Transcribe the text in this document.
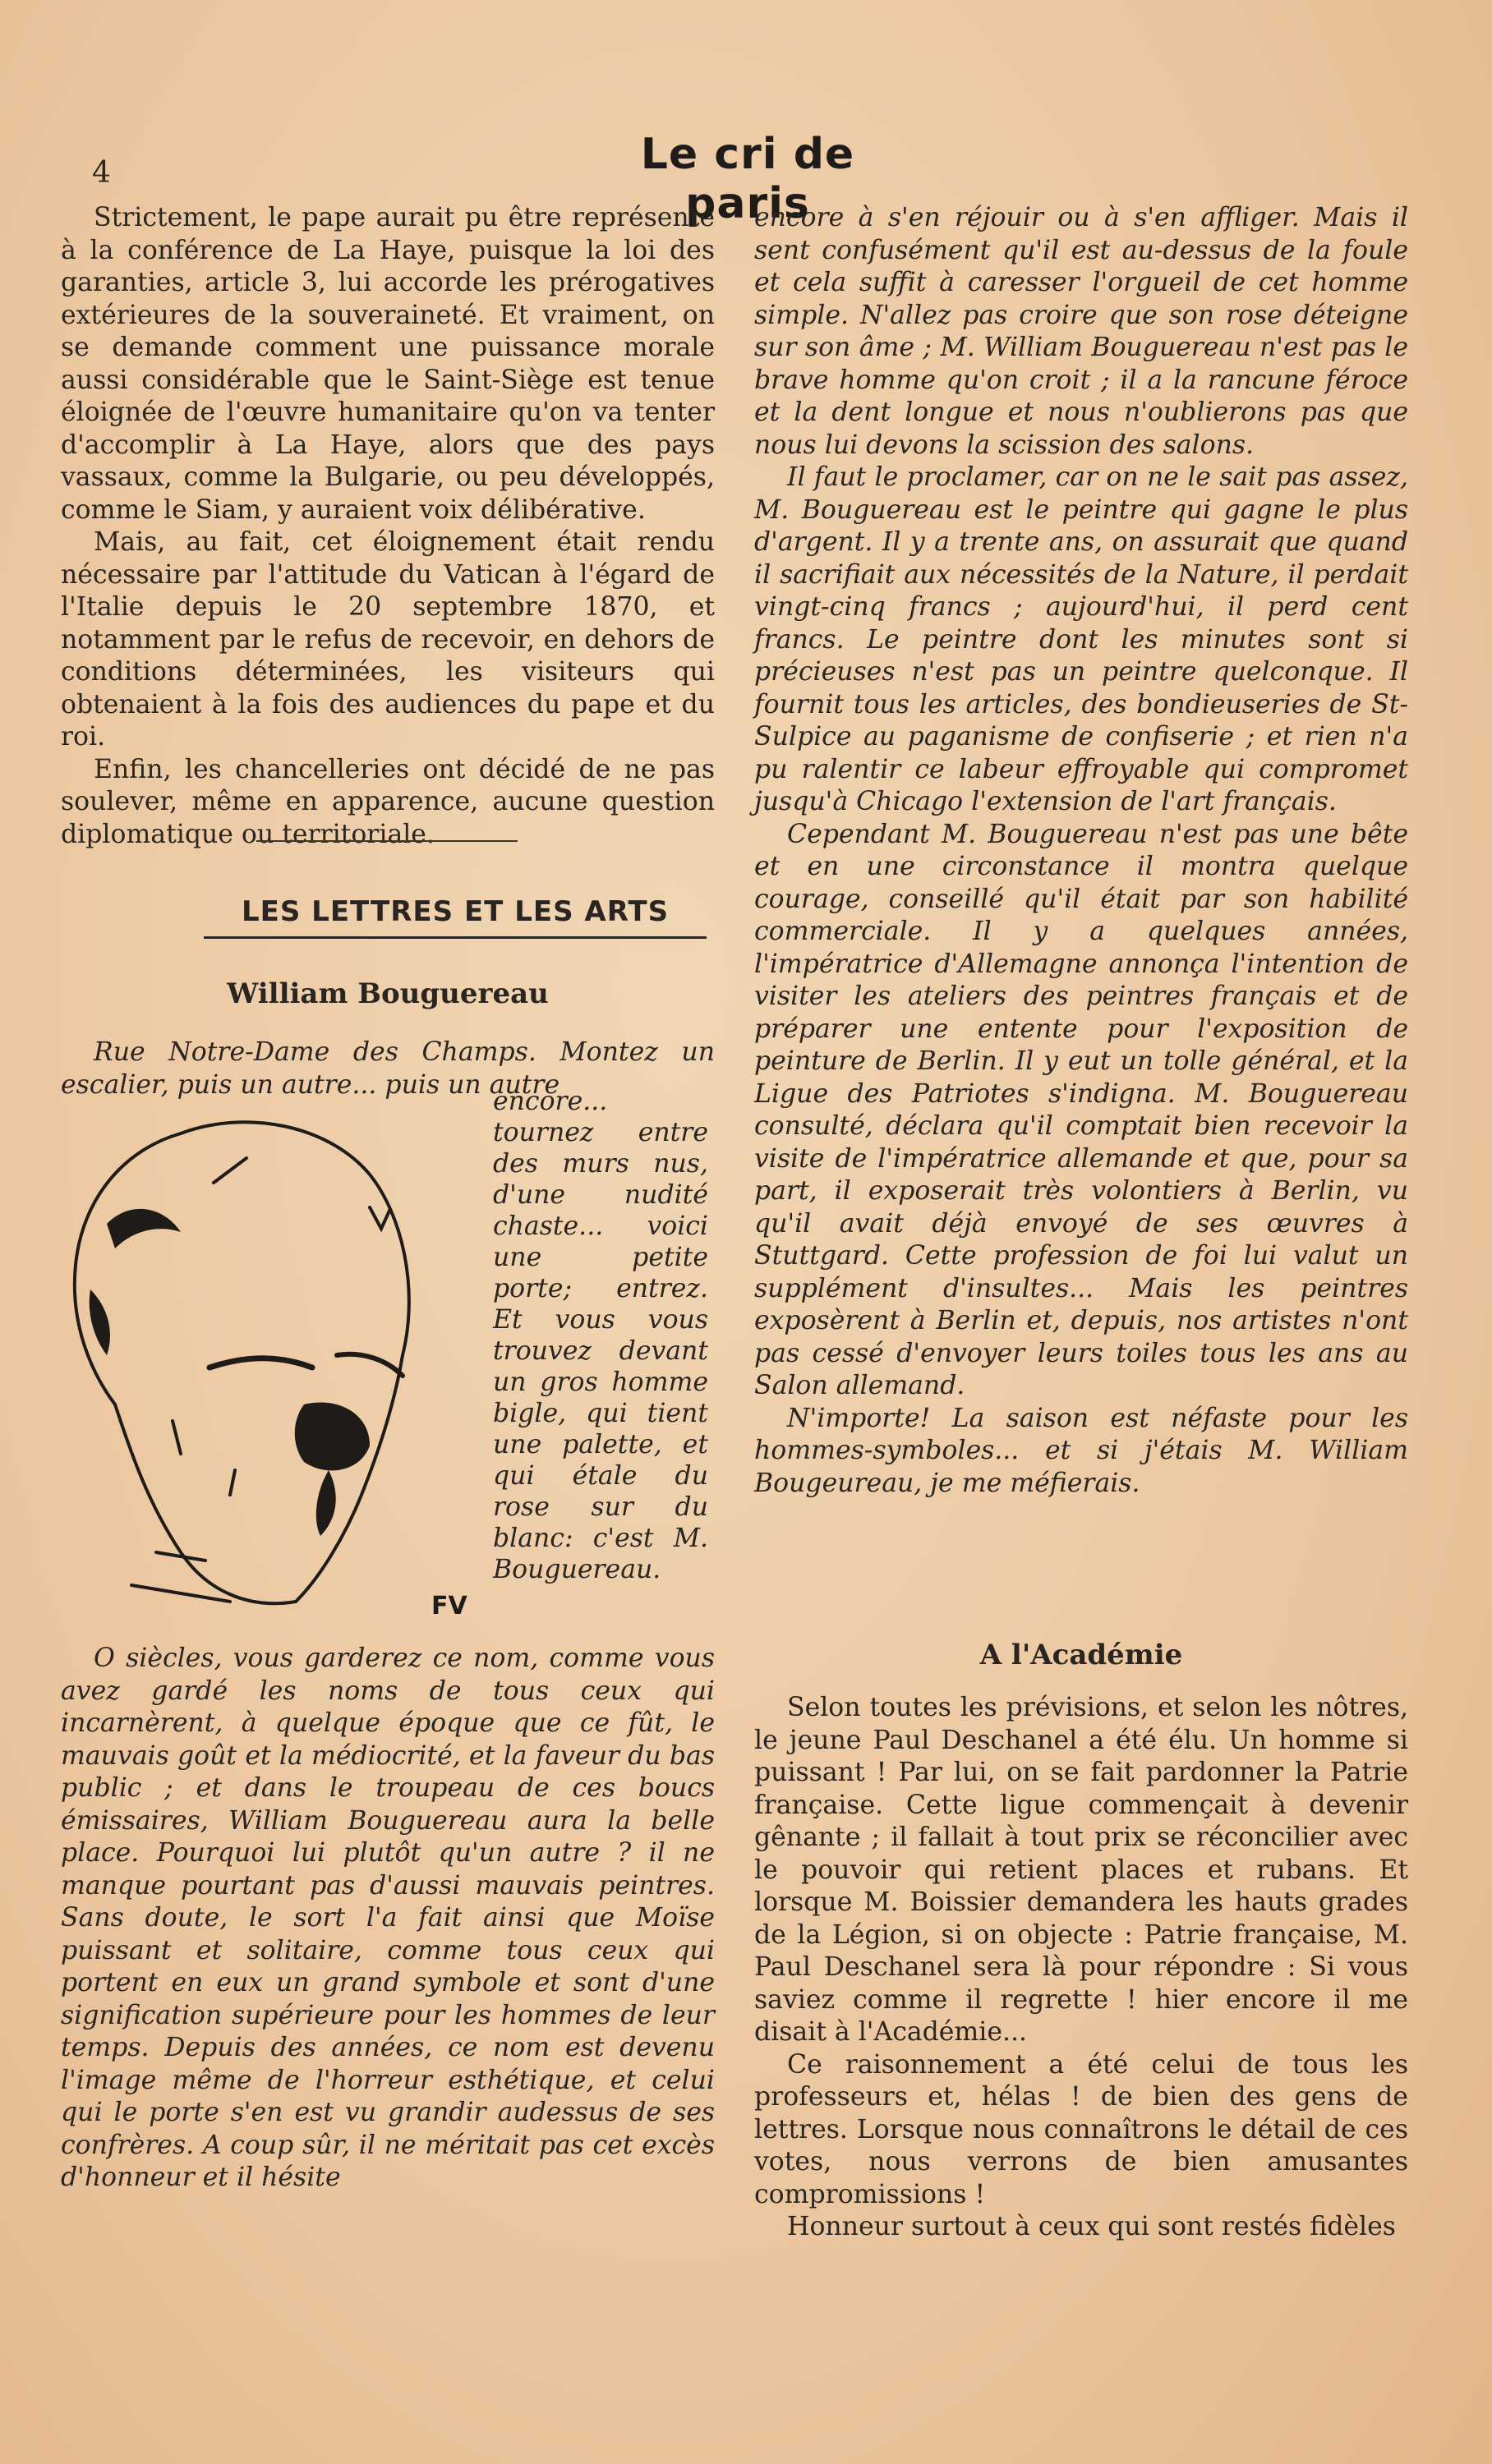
4	Le cri de paris

Strictement, le pape aurait pu être représenté à la conférence de La Haye, puisque la loi des garanties, article 3, lui accorde les prérogatives extérieures de la souveraineté. Et vraiment, on se demande comment une puissance morale aussi considérable que le Saint-Siège est tenue éloignée de l'œuvre humanitaire qu'on va tenter d'accomplir à La Haye, alors que des pays vassaux, comme la Bulgarie, ou peu développés, comme le Siam, y auraient voix délibérative.

Mais, au fait, cet éloignement était rendu nécessaire par l'attitude du Vatican à l'égard de l'Italie depuis le 20 septembre 1870, et notamment par le refus de recevoir, en dehors de conditions déterminées, les visiteurs qui obtenaient à la fois des audiences du pape et du roi.

Enfin, les chancelleries ont décidé de ne pas soulever, même en apparence, aucune question diplomatique ou territoriale.

LES LETTRES ET LES ARTS
William Bouguereau

Rue Notre-Dame des Champs. Montez un escalier, puis un autre... puis un autre

FV

encore... tournez entre des murs nus, d'une nudité chaste... voici une petite porte; entrez. Et vous vous trouvez devant un gros homme bigle, qui tient une palette, et qui étale du rose sur du blanc: c'est M. Bouguereau.

O siècles, vous garderez ce nom, comme vous avez gardé les noms de tous ceux qui incarnèrent, à quelque époque que ce fût, le mauvais goût et la médiocrité, et la faveur du bas public ; et dans le troupeau de ces boucs émissaires, William Bouguereau aura la belle place. Pourquoi lui plutôt qu'un autre ? il ne manque pourtant pas d'aussi mauvais peintres. Sans doute, le sort l'a fait ainsi que Moïse puissant et solitaire, comme tous ceux qui portent en eux un grand symbole et sont d'une signification supérieure pour les hommes de leur temps. Depuis des années, ce nom est devenu l'image même de l'horreur esthétique, et celui qui le porte s'en est vu grandir audessus de ses confrères. A coup sûr, il ne méritait pas cet excès d'honneur et il hésite

encore à s'en réjouir ou à s'en affliger. Mais il sent confusément qu'il est au-dessus de la foule et cela suffit à caresser l'orgueil de cet homme simple. N'allez pas croire que son rose déteigne sur son âme ; M. William Bouguereau n'est pas le brave homme qu'on croit ; il a la rancune féroce et la dent longue et nous n'oublierons pas que nous lui devons la scission des salons.

Il faut le proclamer, car on ne le sait pas assez, M. Bouguereau est le peintre qui gagne le plus d'argent. Il y a trente ans, on assurait que quand il sacrifiait aux nécessités de la Nature, il perdait vingt-cinq francs ; aujourd'hui, il perd cent francs. Le peintre dont les minutes sont si précieuses n'est pas un peintre quelconque. Il fournit tous les articles, des bondieuseries de St-Sulpice au paganisme de confiserie ; et rien n'a pu ralentir ce labeur effroyable qui compromet jusqu'à Chicago l'extension de l'art français.

Cependant M. Bouguereau n'est pas une bête et en une circonstance il montra quelque courage, conseillé qu'il était par son habilité commerciale. Il y a quelques années, l'impératrice d'Allemagne annonça l'intention de visiter les ateliers des peintres français et de préparer une entente pour l'exposition de peinture de Berlin. Il y eut un tolle général, et la Ligue des Patriotes s'indigna. M. Bouguereau consulté, déclara qu'il comptait bien recevoir la visite de l'impératrice allemande et que, pour sa part, il exposerait très volontiers à Berlin, vu qu'il avait déjà envoyé de ses œuvres à Stuttgard. Cette profession de foi lui valut un supplément d'insultes... Mais les peintres exposèrent à Berlin et, depuis, nos artistes n'ont pas cessé d'envoyer leurs toiles tous les ans au Salon allemand.

N'importe! La saison est néfaste pour les hommes-symboles... et si j'étais M. William Bougeureau, je me méfierais.

A l'Académie

Selon toutes les prévisions, et selon les nôtres, le jeune Paul Deschanel a été élu. Un homme si puissant ! Par lui, on se fait pardonner la Patrie française. Cette ligue commençait à devenir gênante ; il fallait à tout prix se réconcilier avec le pouvoir qui retient places et rubans. Et lorsque M. Boissier demandera les hauts grades de la Légion, si on objecte : Patrie française, M. Paul Deschanel sera là pour répondre : Si vous saviez comme il regrette ! hier encore il me disait à l'Académie...

Ce raisonnement a été celui de tous les professeurs et, hélas ! de bien des gens de lettres. Lorsque nous connaîtrons le détail de ces votes, nous verrons de bien amusantes compromissions !

Honneur surtout à ceux qui sont restés fidèles
